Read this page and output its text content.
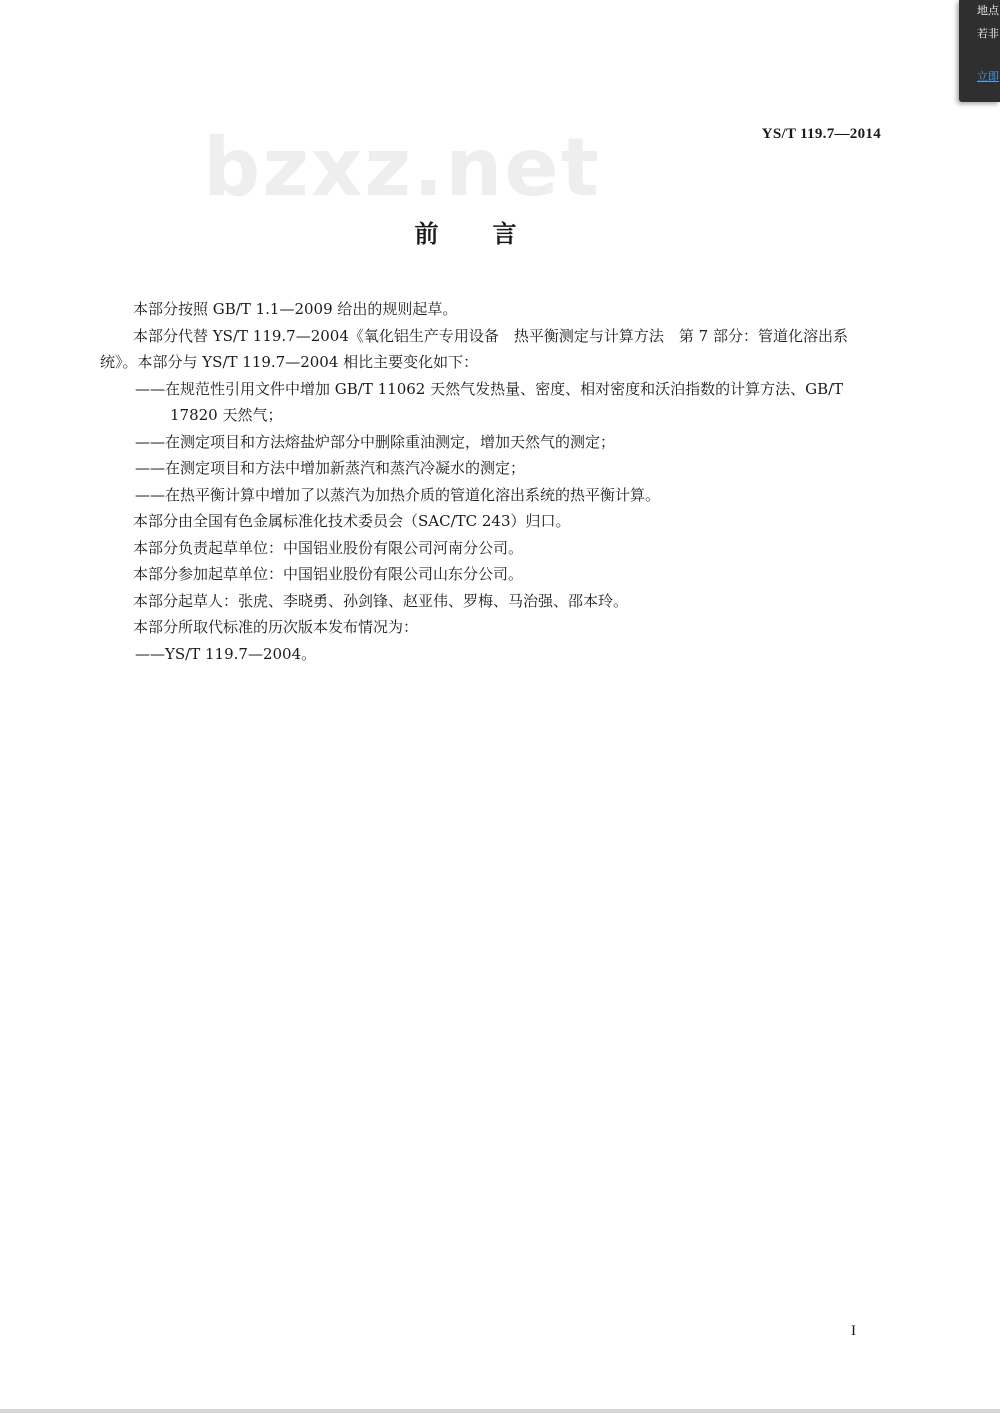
bzxz.net	YS/T 119.7—2014
前言

本部分按照 GB/T 1.1—2009 给出的规则起草。

本部分代替 YS/T 119.7—2004《氧化铝生产专用设备　热平衡测定与计算方法　第 7 部分：管道化溶出系统》。本部分与 YS/T 119.7—2004 相比主要变化如下：

——在规范性引用文件中增加 GB/T 11062 天然气发热量、密度、相对密度和沃泊指数的计算方法、GB/T 17820 天然气；

——在测定项目和方法熔盐炉部分中删除重油测定，增加天然气的测定；

——在测定项目和方法中增加新蒸汽和蒸汽冷凝水的测定；

——在热平衡计算中增加了以蒸汽为加热介质的管道化溶出系统的热平衡计算。

本部分由全国有色金属标准化技术委员会（SAC/TC 243）归口。

本部分负责起草单位：中国铝业股份有限公司河南分公司。

本部分参加起草单位：中国铝业股份有限公司山东分公司。

本部分起草人：张虎、李晓勇、孙剑锋、赵亚伟、罗梅、马治强、邵本玲。

本部分所取代标准的历次版本发布情况为：

——YS/T 119.7—2004。

I
地点
若非
立即
